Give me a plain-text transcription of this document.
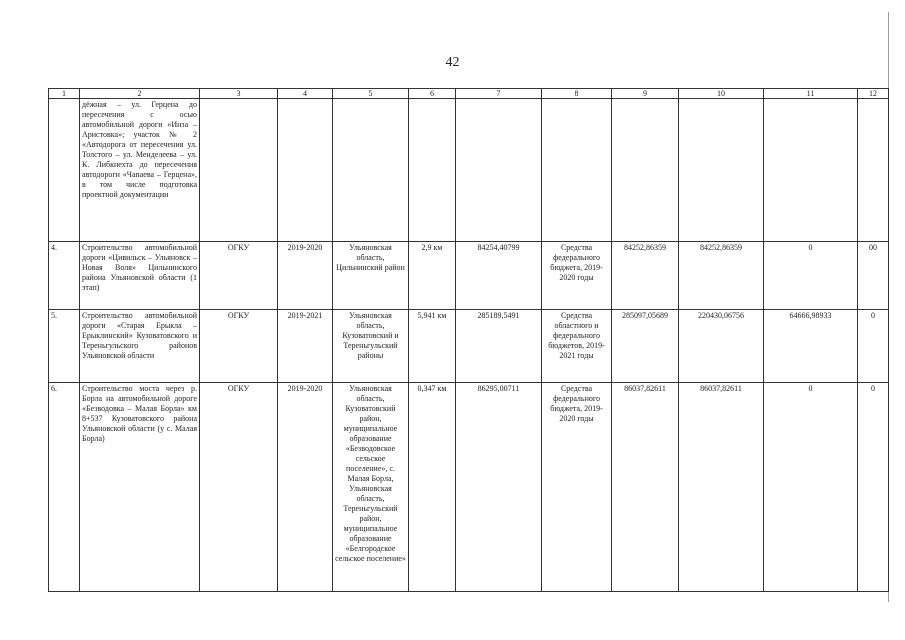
42
1	2	3	4	5	6	7	8	9	10	11	12
	дёжная – ул. Герцена до пересечения с осью автомобильной дороги «Инза – Аристовка»; участок № 2 «Автодорога от пересечения ул. Толстого – ул. Менделеева – ул. К. Либкнехта до пересечения автодороги «Чапаева – Герцена», в том числе подготовка проектной документации										
4.	Строительство автомобильной дороги «Цивильск – Ульяновск – Новая Воля» Цильнинского района Ульяновской области (1 этап)	ОГКУ	2019-2020	Ульяновская область, Цильнинский район	2,9 км	84254,40799	Средства федерального бюджета, 2019-2020 годы	84252,86359	84252,86359	0	00
5.	Строительство автомобильной дороги «Старая Ерыкла – Ерыклинский» Кузоватовского и Тереньгульского районов Ульяновской области	ОГКУ	2019-2021	Ульяновская область, Кузоватовский и Тереньгульский районы	5,941 км	285189,5491	Средства областного и федерального бюджетов, 2019-2021 годы	285097,05689	220430,06756	64666,98933	0
6.	Строительство моста через р. Борла на автомобильной дороге «Безводовка – Малая Борла» км 8+537 Кузоватовского района Ульяновской области (у с. Малая Борла)	ОГКУ	2019-2020	Ульяновская область, Кузоватовский район, муниципальное образование «Безводовское сельское поселение», с. Малая Борла, Ульяновская область, Тереньгульский район, муниципальное образование «Белгородское сельское поселение»	0,347 км	86295,00711	Средства федерального бюджета, 2019-2020 годы	86037,82611	86037,82611	0	0
